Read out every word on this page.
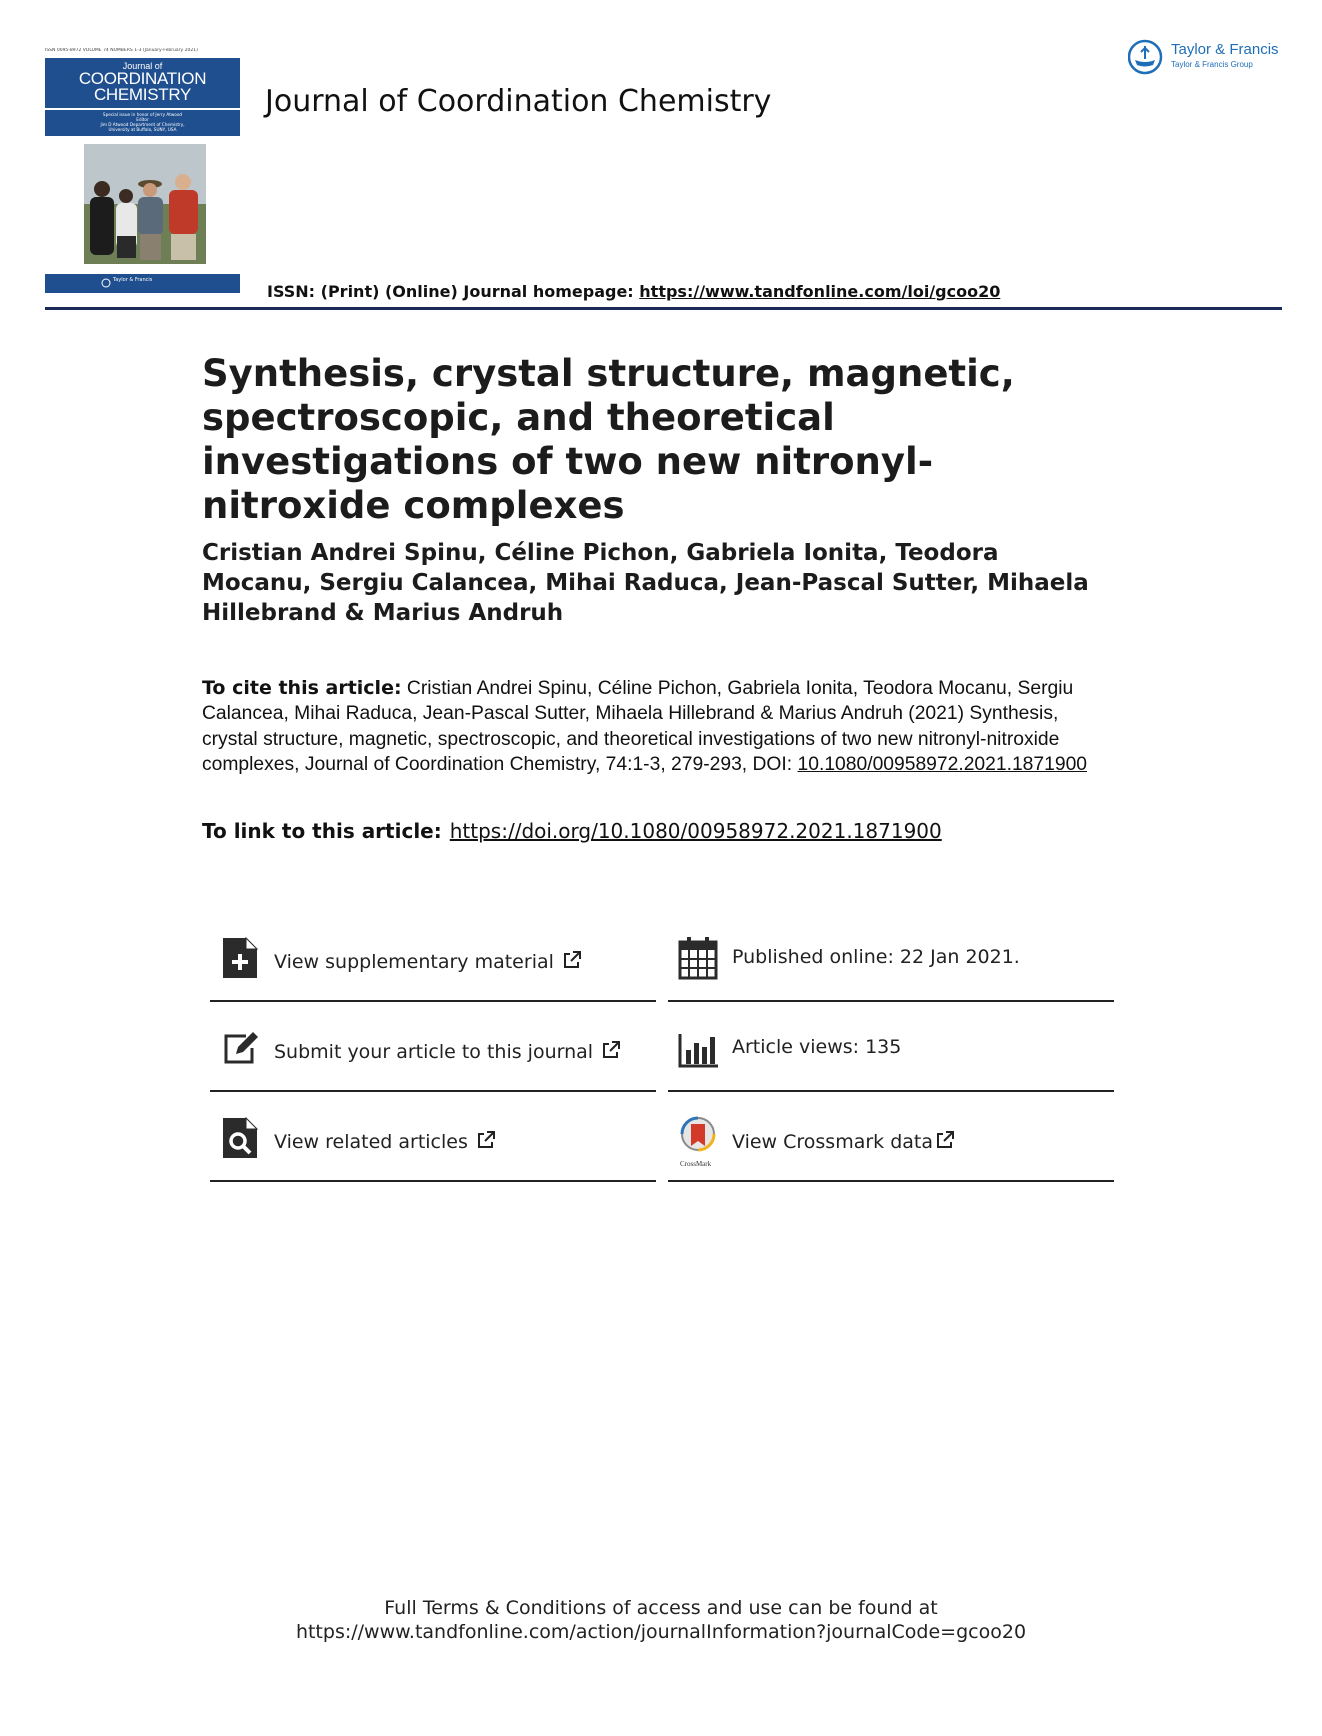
ISSN 0095-8972 VOLUME 74 NUMBERS 1-3 (January-February 2021)
Journal of
COORDINATION
CHEMISTRY
Special issue in honor of Jerry Atwood
Editor
Jim D Atwood Department of Chemistry,
University at Buffalo, SUNY, USA
Taylor & Francis
Journal of Coordination Chemistry
Taylor & Francis
Taylor & Francis Group
ISSN: (Print) (Online) Journal homepage: https://www.tandfonline.com/loi/gcoo20
Synthesis, crystal structure, magnetic, spectroscopic, and theoretical investigations of two new nitronyl-nitroxide complexes
Cristian Andrei Spinu, Céline Pichon, Gabriela Ionita, Teodora Mocanu, Sergiu Calancea, Mihai Raduca, Jean-Pascal Sutter, Mihaela Hillebrand & Marius Andruh
To cite this article: Cristian Andrei Spinu, Céline Pichon, Gabriela Ionita, Teodora Mocanu, Sergiu Calancea, Mihai Raduca, Jean-Pascal Sutter, Mihaela Hillebrand & Marius Andruh (2021) Synthesis, crystal structure, magnetic, spectroscopic, and theoretical investigations of two new nitronyl-nitroxide complexes, Journal of Coordination Chemistry, 74:1-3, 279-293, DOI: 10.1080/00958972.2021.1871900
To link to this article: https://doi.org/10.1080/00958972.2021.1871900
View supplementary material
Submit your article to this journal
View related articles
Published online: 22 Jan 2021.
Article views: 135
CrossMark
View Crossmark data
Full Terms & Conditions of access and use can be found at
https://www.tandfonline.com/action/journalInformation?journalCode=gcoo20
